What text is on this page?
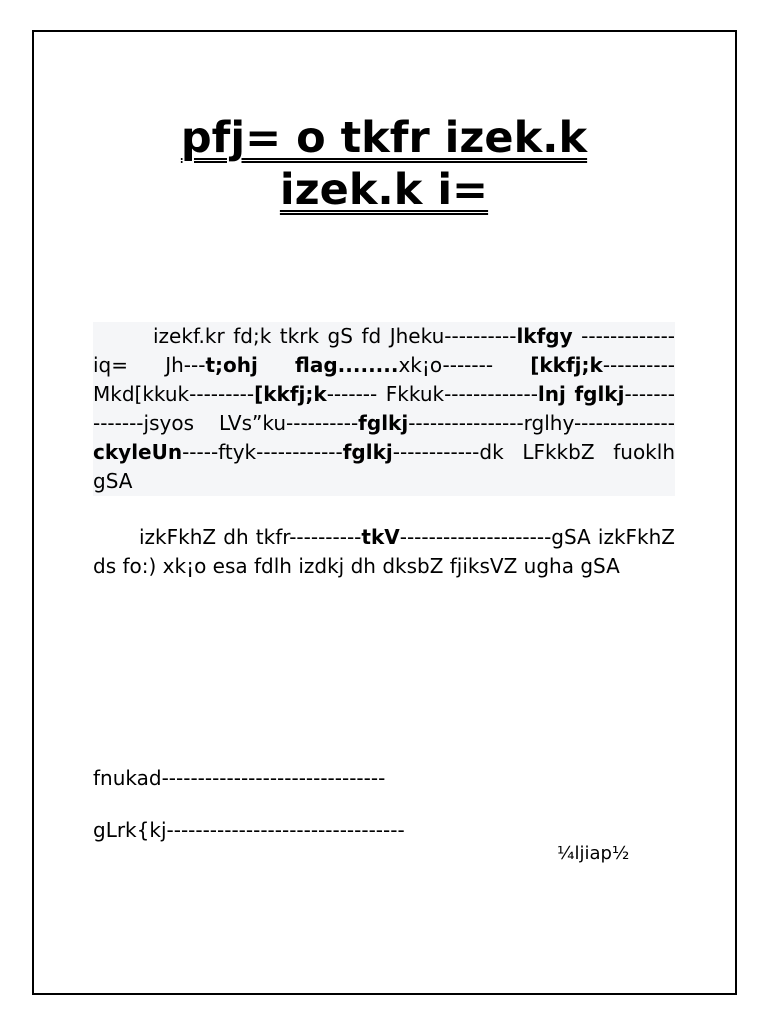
pfj= o tkfr izek.k
izek.k i=

izekf.kr fd;k tkrk gS fd Jheku----------lkfgy -------------iq= Jh---t;ohj flag........xk¡o------- [kkfj;k----------Mkd[kkuk---------[kkfj;k------- Fkkuk-------------lnj fglkj--------------jsyos LVs”ku----------fglkj----------------rglhy-------------- ckyleUn-----ftyk------------fglkj------------dk LFkkbZ fuoklh gSA

izkFkhZ dh tkfr----------tkV---------------------gSA izkFkhZ ds fo:) xk¡o esa fdlh izdkj dh dksbZ fjiksVZ ugha gSA

fnukad-------------------------------

gLrk{kj---------------------------------

¼ljiap½
